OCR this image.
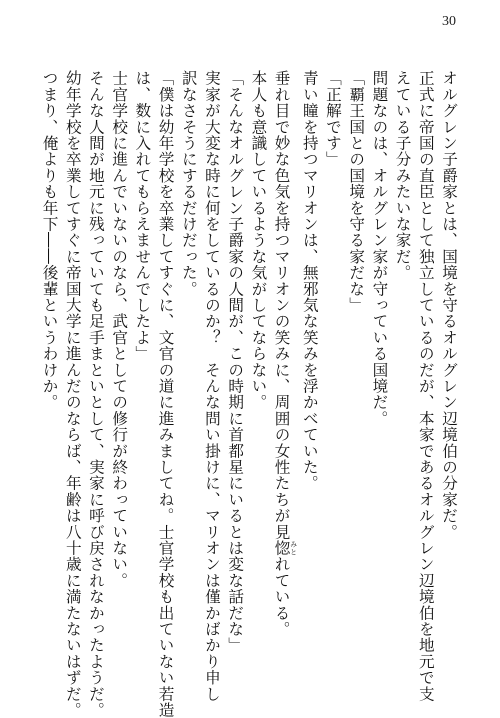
30
オルグレン子爵家とは、国境を守るオルグレン辺境伯の分家だ。
正式に帝国の直臣として独立しているのだが、本家であるオルグレン辺境伯を地元で支
えている子分みたいな家だ。
問題なのは、オルグレン家が守っている国境だ。
「覇王国との国境を守る家だな」
「正解です」
青い瞳を持つマリオンは、無邪気な笑みを浮かべていた。
垂れ目で妙な色気を持つマリオンの笑みに、周囲の女性たちが見惚 みとれている。
本人も意識しているような気がしてならない。
「そんなオルグレン子爵家の人間が、この時期に首都星にいるとは変な話だな」
実家が大変な時に何をしているのか？　そんな問い掛けに、マリオンは僅かばかり申し
訳なさそうにするだけだった。
「僕は幼年学校を卒業してすぐに、文官の道に進みましてね。士官学校も出ていない若造
は、数に入れてもらえませんでしたよ」
士官学校に進んでいないのなら、武官としての修行が終わっていない。
そんな人間が地元に残っていても足手まといとして、実家に呼び戻されなかったようだ。
幼年学校を卒業してすぐに帝国大学に進んだのならば、年齢は八十歳に満たないはずだ。
つまり、俺よりも年下――後輩というわけか。
